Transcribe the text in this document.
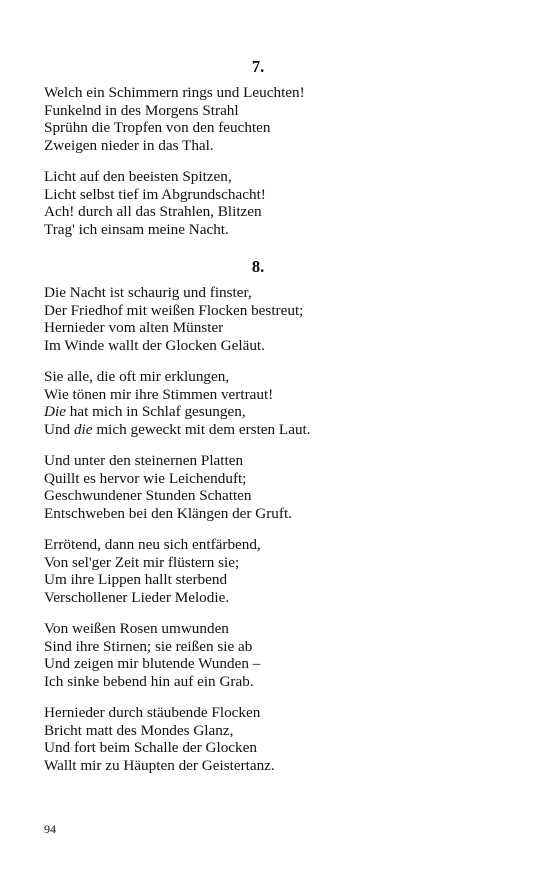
7.
Welch ein Schimmern rings und Leuchten!
Funkelnd in des Morgens Strahl
Sprühn die Tropfen von den feuchten
Zweigen nieder in das Thal.
Licht auf den beeisten Spitzen,
Licht selbst tief im Abgrundschacht!
Ach! durch all das Strahlen, Blitzen
Trag' ich einsam meine Nacht.
8.
Die Nacht ist schaurig und finster,
Der Friedhof mit weißen Flocken bestreut;
Hernieder vom alten Münster
Im Winde wallt der Glocken Geläut.
Sie alle, die oft mir erklungen,
Wie tönen mir ihre Stimmen vertraut!
Die hat mich in Schlaf gesungen,
Und die mich geweckt mit dem ersten Laut.
Und unter den steinernen Platten
Quillt es hervor wie Leichenduft;
Geschwundener Stunden Schatten
Entschweben bei den Klängen der Gruft.
Errötend, dann neu sich entfärbend,
Von sel'ger Zeit mir flüstern sie;
Um ihre Lippen hallt sterbend
Verschollener Lieder Melodie.
Von weißen Rosen umwunden
Sind ihre Stirnen; sie reißen sie ab
Und zeigen mir blutende Wunden –
Ich sinke bebend hin auf ein Grab.
Hernieder durch stäubende Flocken
Bricht matt des Mondes Glanz,
Und fort beim Schalle der Glocken
Wallt mir zu Häupten der Geistertanz.
94
